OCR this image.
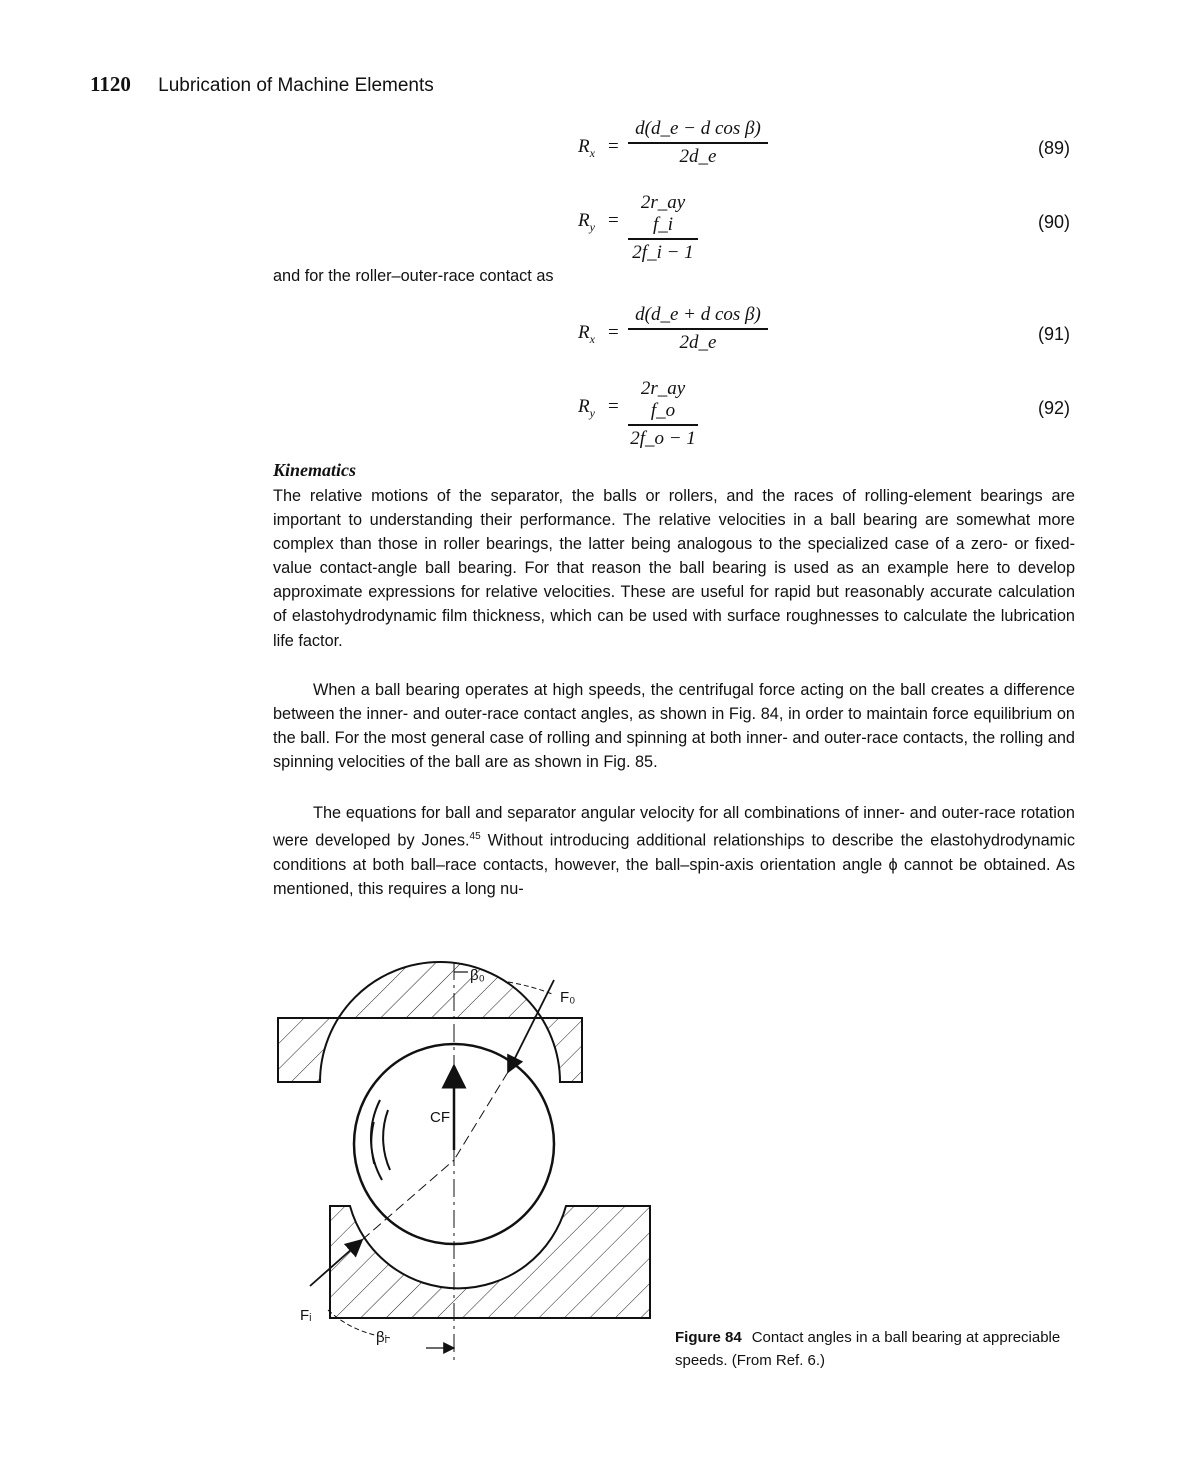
1120 Lubrication of Machine Elements
$R_x$ =
d(d_e − d cos β)
2d_e	(89)
$R_y$ =
2r_ay f_i
2f_i − 1
(90)
and for the roller–outer-race contact as
$R_x$ =
d(d_e + d cos β)
2d_e	(91)
$R_y$ =
2r_ay f_o
2f_o − 1
(92)
Kinematics
The relative motions of the separator, the balls or rollers, and the races of rolling-element bearings are important to understanding their performance. The relative velocities in a ball bearing are somewhat more complex than those in roller bearings, the latter being analogous to the specialized case of a zero- or fixed-value contact-angle ball bearing. For that reason the ball bearing is used as an example here to develop approximate expressions for relative velocities. These are useful for rapid but reasonably accurate calculation of elastohydrodynamic film thickness, which can be used with surface roughnesses to calculate the lubrication life factor.
When a ball bearing operates at high speeds, the centrifugal force acting on the ball creates a difference between the inner- and outer-race contact angles, as shown in Fig. 84, in order to maintain force equilibrium on the ball. For the most general case of rolling and spinning at both inner- and outer-race contacts, the rolling and spinning velocities of the ball are as shown in Fig. 85.
The equations for ball and separator angular velocity for all combinations of inner- and outer-race rotation were developed by Jones.$^{45}$ Without introducing additional relationships to describe the elastohydrodynamic conditions at both ball–race contacts, however, the ball–spin-axis orientation angle ϕ cannot be obtained. As mentioned, this requires a long nu-
β₀
F₀
CF
Fᵢ
βᵢ	Figure 84 Contact angles in a ball bearing at appreciable speeds. (From Ref. 6.)
